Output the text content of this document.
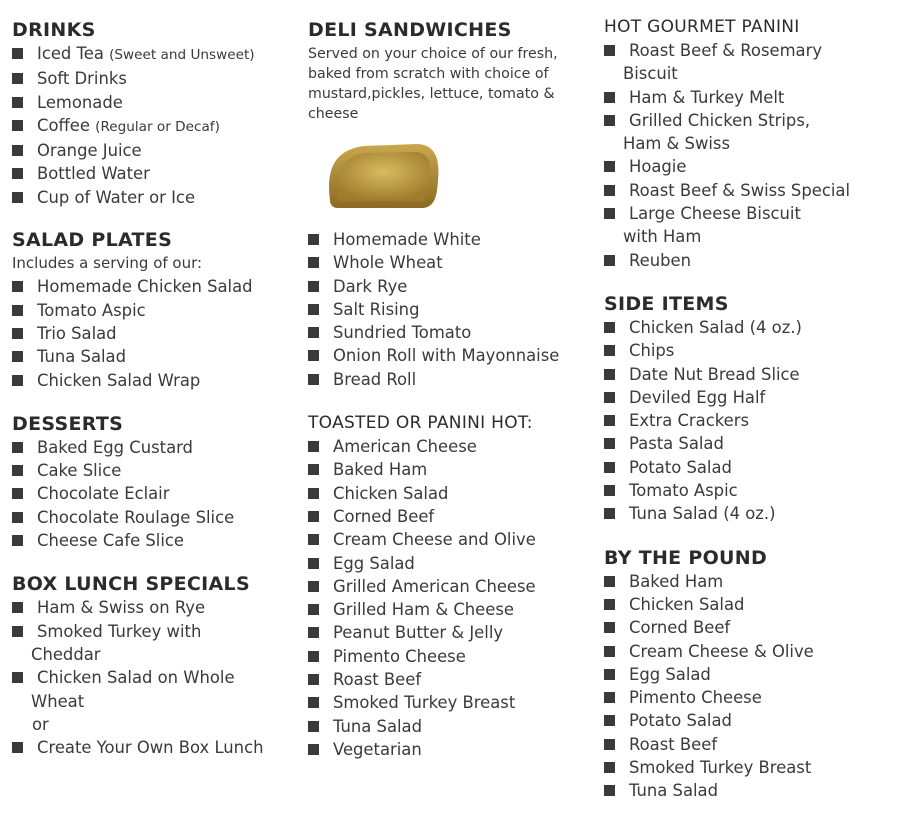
DRINKS
Iced Tea (Sweet and Unsweet)
Soft Drinks
Lemonade
Coffee (Regular or Decaf)
Orange Juice
Bottled Water
Cup of Water or Ice
SALAD PLATES

Includes a serving of our:

Homemade Chicken Salad
Tomato Aspic
Trio Salad
Tuna Salad
Chicken Salad Wrap
DESSERTS
Baked Egg Custard
Cake Slice
Chocolate Eclair
Chocolate Roulage Slice
Cheese Cafe Slice
BOX LUNCH SPECIALS
Ham & Swiss on Rye
Smoked Turkey with
Cheddar
Chicken Salad on Whole
Wheat
or
Create Your Own Box Lunch
DELI SANDWICHES

Served on your choice of our fresh, baked from scratch with choice of mustard,pickles, lettuce, tomato & cheese

Homemade White
Whole Wheat
Dark Rye
Salt Rising
Sundried Tomato
Onion Roll with Mayonnaise
Bread Roll
TOASTED OR PANINI HOT:
American Cheese
Baked Ham
Chicken Salad
Corned Beef
Cream Cheese and Olive
Egg Salad
Grilled American Cheese
Grilled Ham & Cheese
Peanut Butter & Jelly
Pimento Cheese
Roast Beef
Smoked Turkey Breast
Tuna Salad
Vegetarian
HOT GOURMET PANINI
Roast Beef & Rosemary
Biscuit
Ham & Turkey Melt
Grilled Chicken Strips,
Ham & Swiss
Hoagie
Roast Beef & Swiss Special
Large Cheese Biscuit
with Ham
Reuben
SIDE ITEMS
Chicken Salad (4 oz.)
Chips
Date Nut Bread Slice
Deviled Egg Half
Extra Crackers
Pasta Salad
Potato Salad
Tomato Aspic
Tuna Salad (4 oz.)
BY THE POUND
Baked Ham
Chicken Salad
Corned Beef
Cream Cheese & Olive
Egg Salad
Pimento Cheese
Potato Salad
Roast Beef
Smoked Turkey Breast
Tuna Salad
